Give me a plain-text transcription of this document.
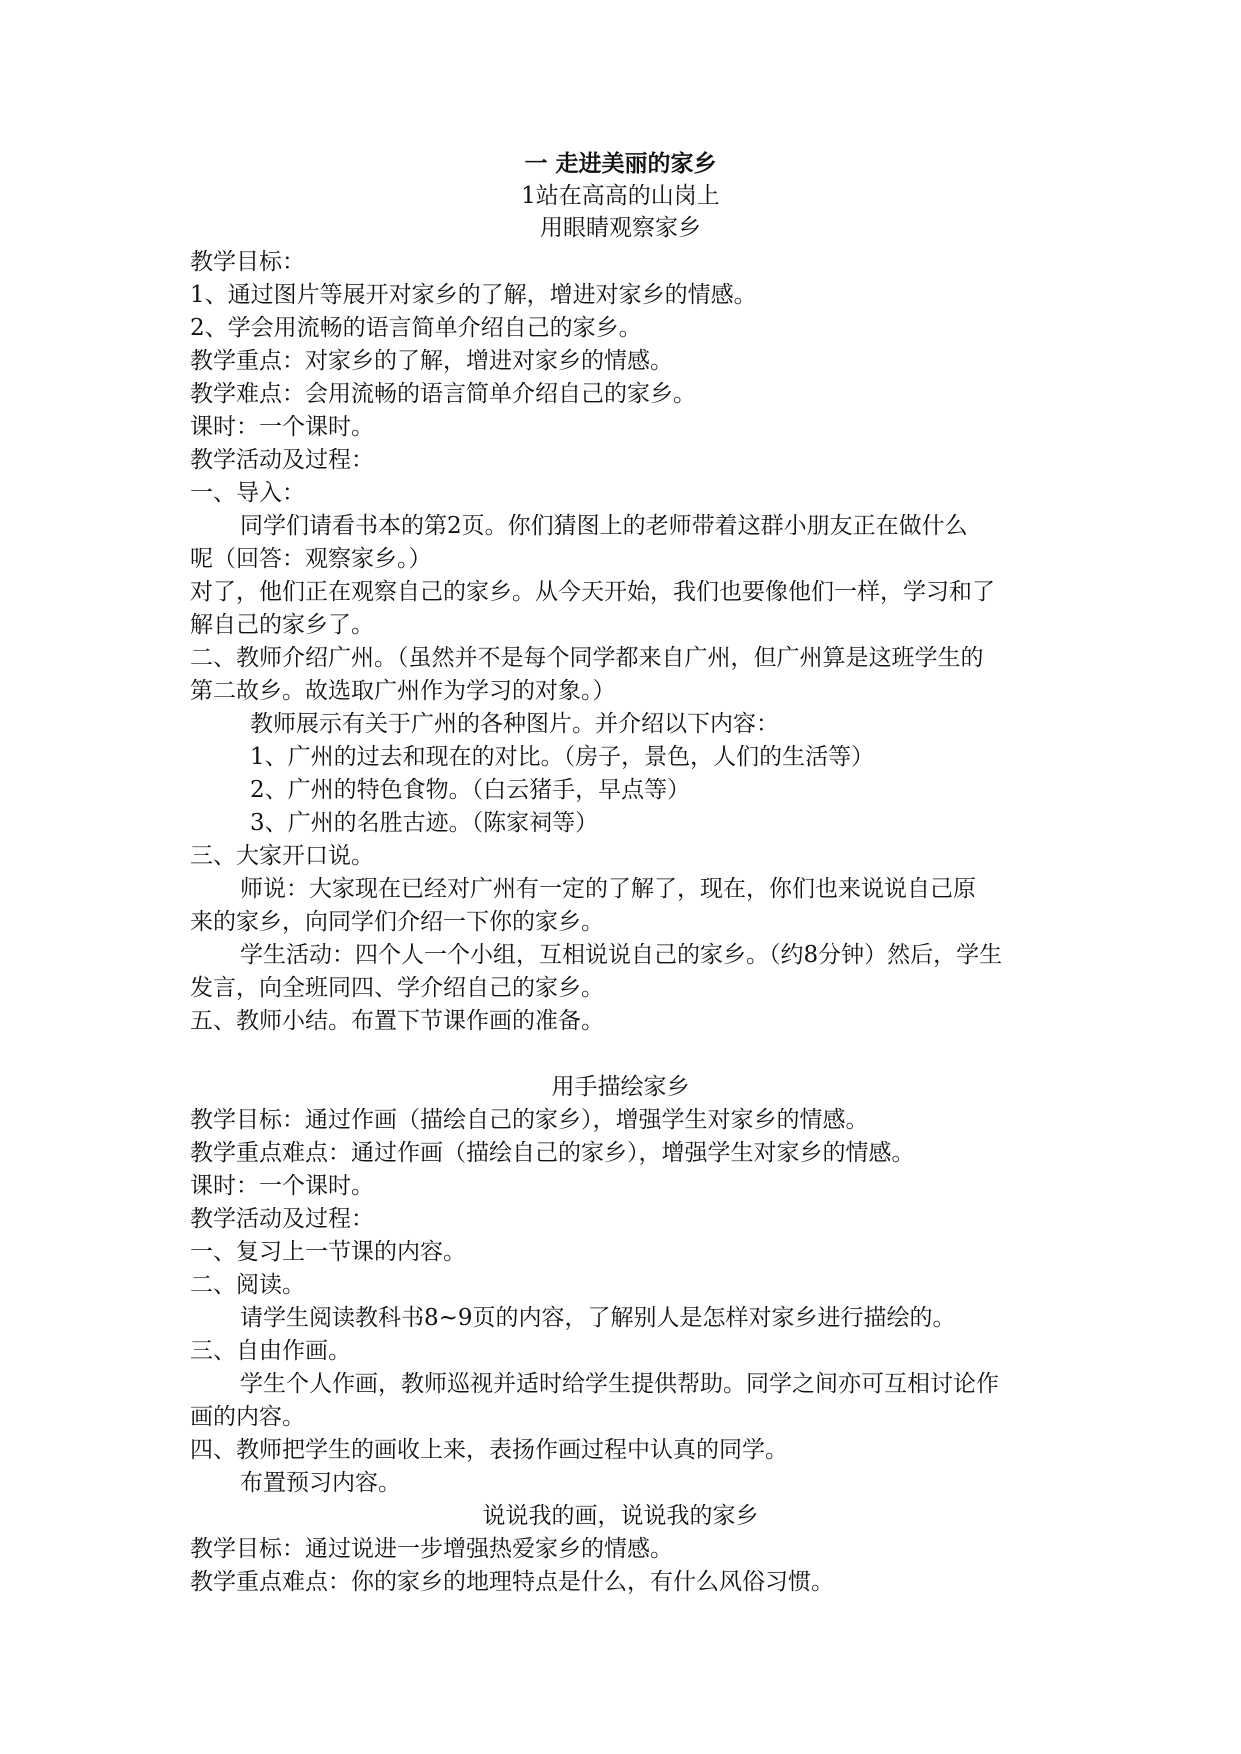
一 走进美丽的家乡
1站在高高的山岗上
用眼睛观察家乡
教学目标：
1、通过图片等展开对家乡的了解，增进对家乡的情感。
2、学会用流畅的语言简单介绍自己的家乡。
教学重点：对家乡的了解，增进对家乡的情感。
教学难点：会用流畅的语言简单介绍自己的家乡。
课时：一个课时。
教学活动及过程：
一、导入：
同学们请看书本的第2页。你们猜图上的老师带着这群小朋友正在做什么
呢（回答：观察家乡。）
对了，他们正在观察自己的家乡。从今天开始，我们也要像他们一样，学习和了
解自己的家乡了。
二、教师介绍广州。（虽然并不是每个同学都来自广州，但广州算是这班学生的
第二故乡。故选取广州作为学习的对象。）
教师展示有关于广州的各种图片。并介绍以下内容：
1、广州的过去和现在的对比。（房子，景色，人们的生活等）
2、广州的特色食物。（白云猪手，早点等）
3、广州的名胜古迹。（陈家祠等）
三、大家开口说。
师说：大家现在已经对广州有一定的了解了，现在，你们也来说说自己原
来的家乡，向同学们介绍一下你的家乡。
学生活动：四个人一个小组，互相说说自己的家乡。（约8分钟）然后，学生
发言，向全班同四、学介绍自己的家乡。
五、教师小结。布置下节课作画的准备。
用手描绘家乡
教学目标：通过作画（描绘自己的家乡），增强学生对家乡的情感。
教学重点难点：通过作画（描绘自己的家乡），增强学生对家乡的情感。
课时：一个课时。
教学活动及过程：
一、复习上一节课的内容。
二、阅读。
请学生阅读教科书8~9页的内容，了解别人是怎样对家乡进行描绘的。
三、自由作画。
学生个人作画，教师巡视并适时给学生提供帮助。同学之间亦可互相讨论作
画的内容。
四、教师把学生的画收上来，表扬作画过程中认真的同学。
布置预习内容。
说说我的画，说说我的家乡
教学目标：通过说进一步增强热爱家乡的情感。
教学重点难点：你的家乡的地理特点是什么，有什么风俗习惯。
